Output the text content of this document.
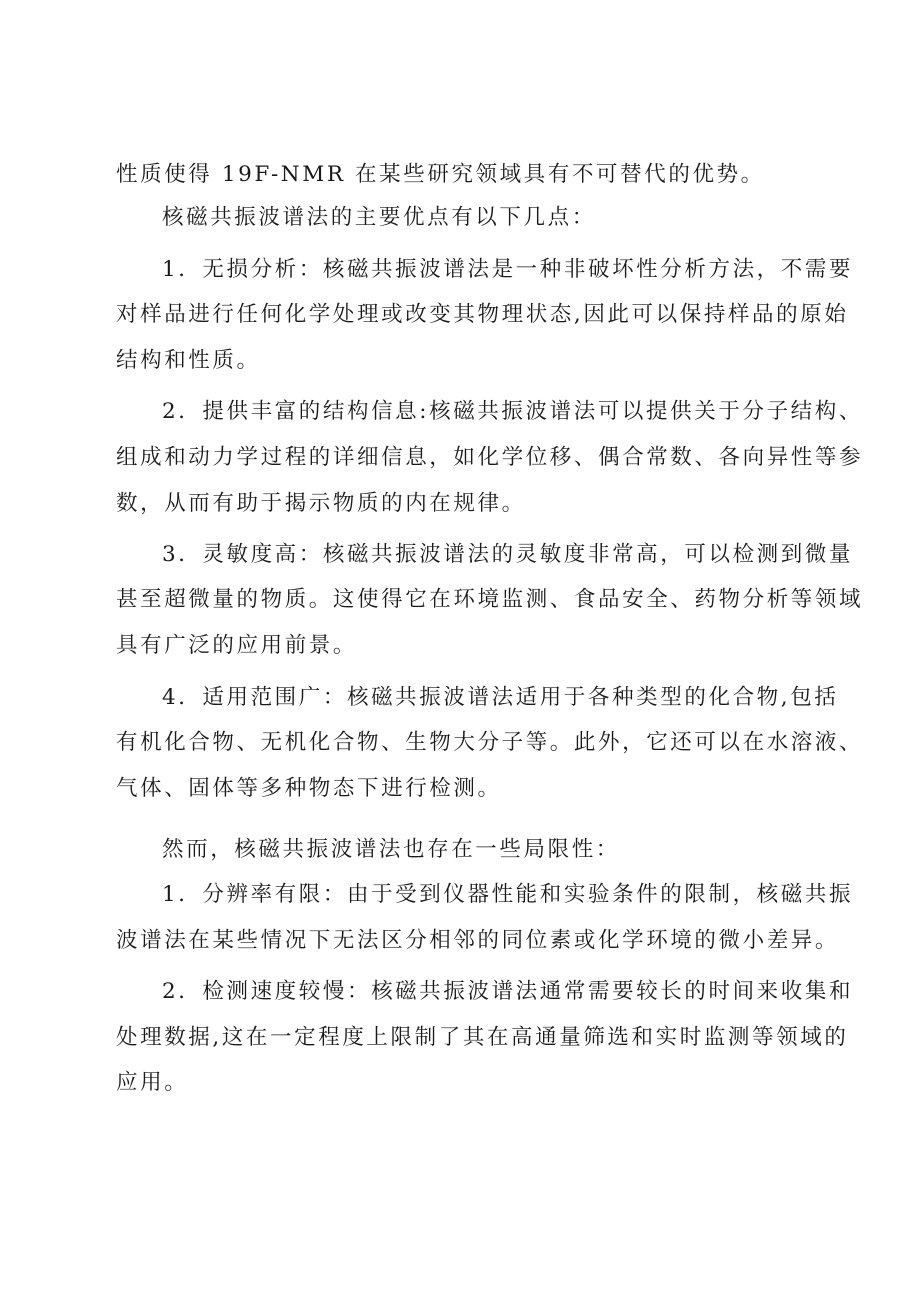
性质使得 19F-NMR 在某些研究领域具有不可替代的优势。
核磁共振波谱法的主要优点有以下几点：
1．无损分析：核磁共振波谱法是一种非破坏性分析方法，不需要
对样品进行任何化学处理或改变其物理状态,因此可以保持样品的原始
结构和性质。
2．提供丰富的结构信息:核磁共振波谱法可以提供关于分子结构、
组成和动力学过程的详细信息，如化学位移、偶合常数、各向异性等参
数，从而有助于揭示物质的内在规律。
3．灵敏度高：核磁共振波谱法的灵敏度非常高，可以检测到微量
甚至超微量的物质。这使得它在环境监测、食品安全、药物分析等领域
具有广泛的应用前景。
4．适用范围广：核磁共振波谱法适用于各种类型的化合物,包括
有机化合物、无机化合物、生物大分子等。此外，它还可以在水溶液、
气体、固体等多种物态下进行检测。
然而，核磁共振波谱法也存在一些局限性：
1．分辨率有限：由于受到仪器性能和实验条件的限制，核磁共振
波谱法在某些情况下无法区分相邻的同位素或化学环境的微小差异。
2．检测速度较慢：核磁共振波谱法通常需要较长的时间来收集和
处理数据,这在一定程度上限制了其在高通量筛选和实时监测等领域的
应用。
